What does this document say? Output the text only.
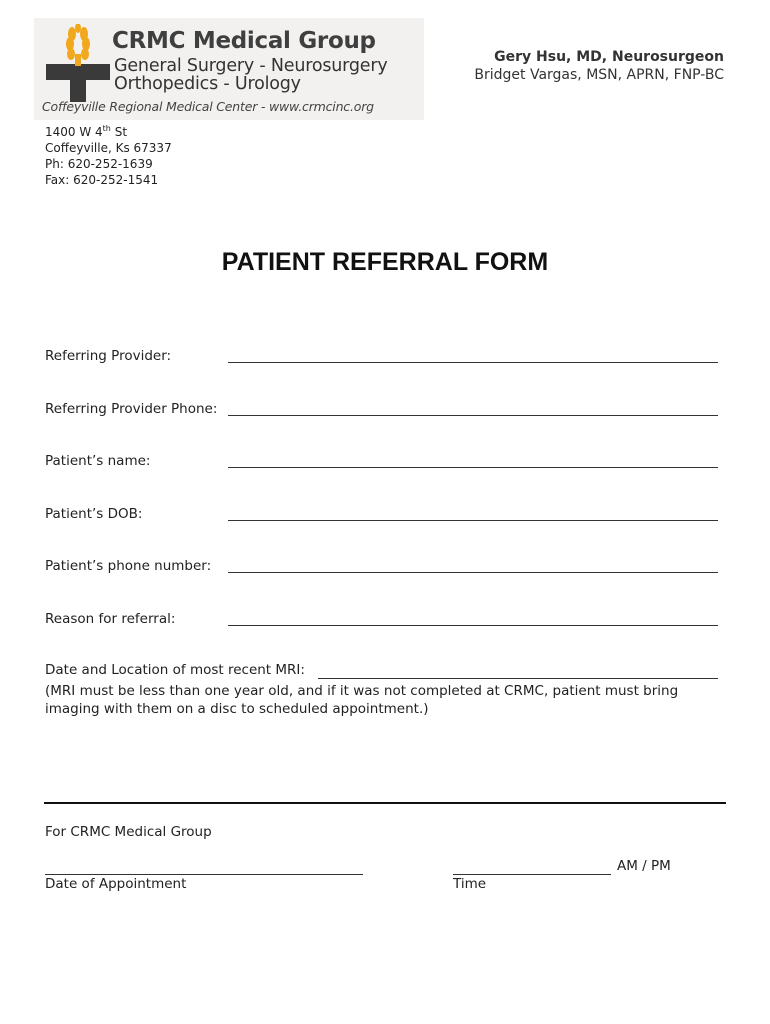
CRMC Medical Group
General Surgery - Neurosurgery
Orthopedics - Urology
Coffeyville Regional Medical Center - www.crmcinc.org
Gery Hsu, MD, Neurosurgeon
Bridget Vargas, MSN, APRN, FNP-BC
1400 W 4th St
Coffeyville, Ks 67337
Ph: 620-252-1639
Fax: 620-252-1541
PATIENT REFERRAL FORM
Referring Provider:
Referring Provider Phone:
Patient’s name:
Patient’s DOB:
Patient’s phone number:
Reason for referral:
Date and Location of most recent MRI:
(MRI must be less than one year old, and if it was not completed at CRMC, patient must bring imaging with them on a disc to scheduled appointment.)
For CRMC Medical Group
Date of Appointment
AM / PM
Time
